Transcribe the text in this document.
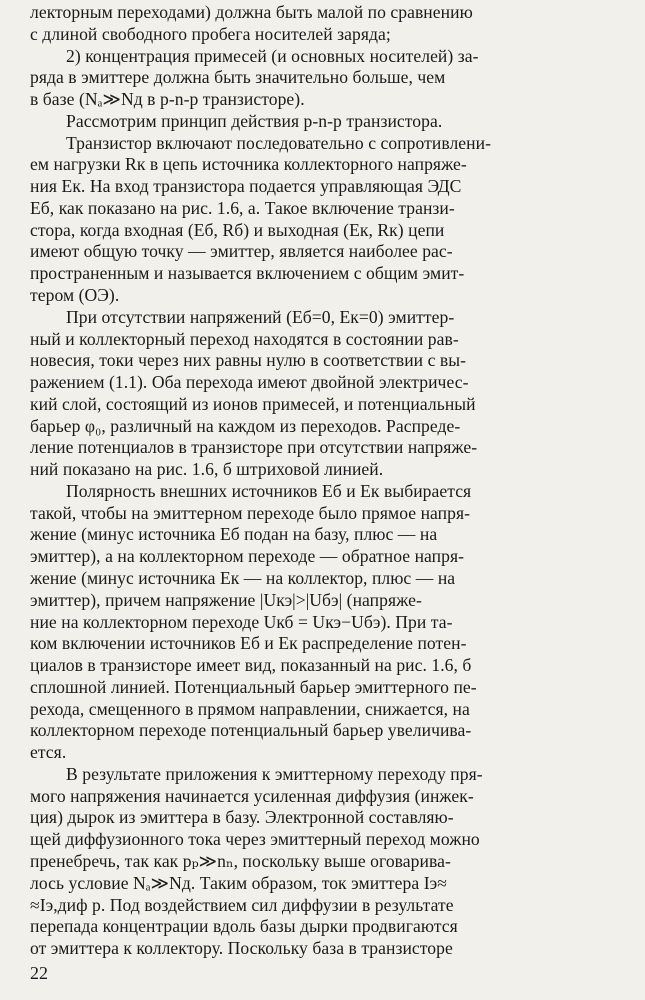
лекторным переходами) должна быть малой по сравнению
с длиной свободного пробега носителей заряда;
2) концентрация примесей (и основных носителей) за-
ряда в эмиттере должна быть значительно больше, чем
в базе (Nₐ≫Nд в p-n-p транзисторе).
Рассмотрим принцип действия p-n-p транзистора.
Транзистор включают последовательно с сопротивлени-
ем нагрузки Rк в цепь источника коллекторного напряже-
ния Eк. На вход транзистора подается управляющая ЭДС
Eб, как показано на рис. 1.6, a. Такое включение транзи-
стора, когда входная (Eб, Rб) и выходная (Eк, Rк) цепи
имеют общую точку — эмиттер, является наиболее рас-
пространенным и называется включением с общим эмит-
тером (ОЭ).
При отсутствии напряжений (Eб=0, Eк=0) эмиттер-
ный и коллекторный переход находятся в состоянии рав-
новесия, токи через них равны нулю в соответствии с вы-
ражением (1.1). Оба перехода имеют двойной электричес-
кий слой, состоящий из ионов примесей, и потенциальный
барьер φ₀, различный на каждом из переходов. Распреде-
ление потенциалов в транзисторе при отсутствии напряже-
ний показано на рис. 1.6, б штриховой линией.
Полярность внешних источников Eб и Eк выбирается
такой, чтобы на эмиттерном переходе было прямое напря-
жение (минус источника Eб подан на базу, плюс — на
эмиттер), а на коллекторном переходе — обратное напря-
жение (минус источника Eк — на коллектор, плюс — на
эмиттер), причем напряжение |Uкэ|>|Uбэ| (напряже-
ние на коллекторном переходе Uкб = Uкэ−Uбэ). При та-
ком включении источников Eб и Eк распределение потен-
циалов в транзисторе имеет вид, показанный на рис. 1.6, б
сплошной линией. Потенциальный барьер эмиттерного пе-
рехода, смещенного в прямом направлении, снижается, на
коллекторном переходе потенциальный барьер увеличива-
ется.
В результате приложения к эмиттерному переходу пря-
мого напряжения начинается усиленная диффузия (инжек-
ция) дырок из эмиттера в базу. Электронной составляю-
щей диффузионного тока через эмиттерный переход можно
пренебречь, так как pₚ≫nₙ, поскольку выше оговарива-
лось условие Nₐ≫Nд. Таким образом, ток эмиттера Iэ≈
≈Iэ,диф p. Под воздействием сил диффузии в результате
перепада концентрации вдоль базы дырки продвигаются
от эмиттера к коллектору. Поскольку база в транзисторе
22
